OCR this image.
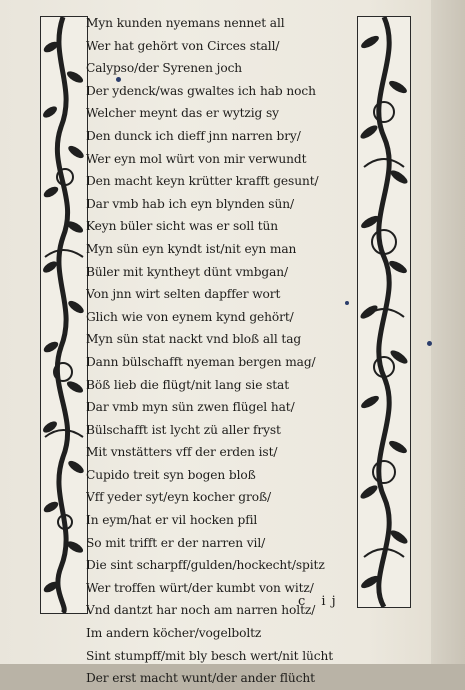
Myn kunden nyemans nennet all
Wer hat gehört von Circes stall/
Calypso/der Syrenen joch
Der ydenck/was gwaltes ich hab noch
Welcher meynt das er wytzig sy
Den dunck ich dieff jnn narren bry/
Wer eyn mol würt von mir verwundt
Den macht keyn krütter krafft gesunt/
Dar vmb hab ich eyn blynden sün/
Keyn büler sicht was er soll tün
Myn sün eyn kyndt ist/nit eyn man
Büler mit kyntheyt dünt vmbgan/
Von jnn wirt selten dapffer wort
Glich wie von eynem kynd gehört/
Myn sün stat nackt vnd bloß all tag
Dann bülschafft nyeman bergen mag/
Böß lieb die flügt/nit lang sie stat
Dar vmb myn sün zwen flügel hat/
Bülschafft ist lycht zü aller fryst
Mit vnstätters vff der erden ist/
Cupido treit syn bogen bloß
Vff yeder syt/eyn kocher groß/
In eym/hat er vil hocken pfil
So mit trifft er der narren vil/
Die sint scharpff/gulden/hockecht/spitz
Wer troffen würt/der kumbt von witz/
Vnd dantzt har noch am narren holtz/
Im andern köcher/vogelboltz
Sint stumpff/mit bly besch wert/nit lücht
Der erst macht wunt/der ander flücht
c ij
